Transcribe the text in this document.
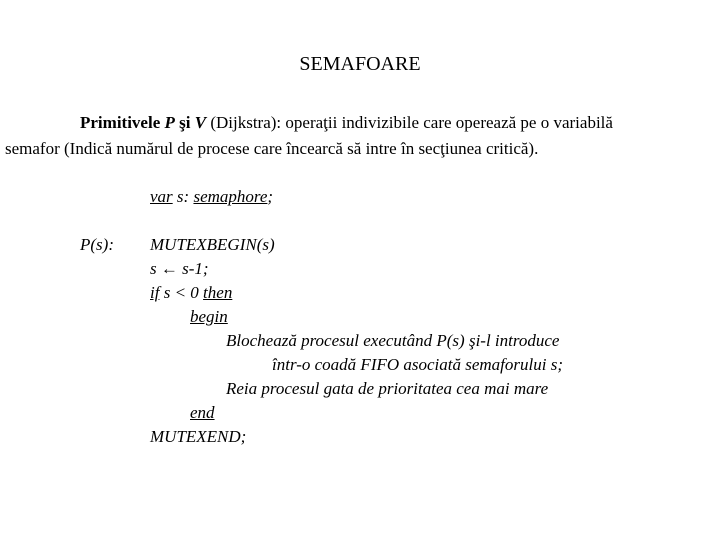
SEMAFOARE
Primitivele P şi V (Dijkstra): operaţii indivizibile care operează pe o variabilă
semafor (Indică numărul de procese care încearcă să intre în secţiunea critică).
var s: semaphore;
P(s): MUTEXBEGIN(s)
s ← s-1;
if s < 0 then
begin
Blochează procesul executând P(s) şi-l introduce
într-o coadă FIFO asociată semaforului s;
Reia procesul gata de prioritatea cea mai mare
end
MUTEXEND;
